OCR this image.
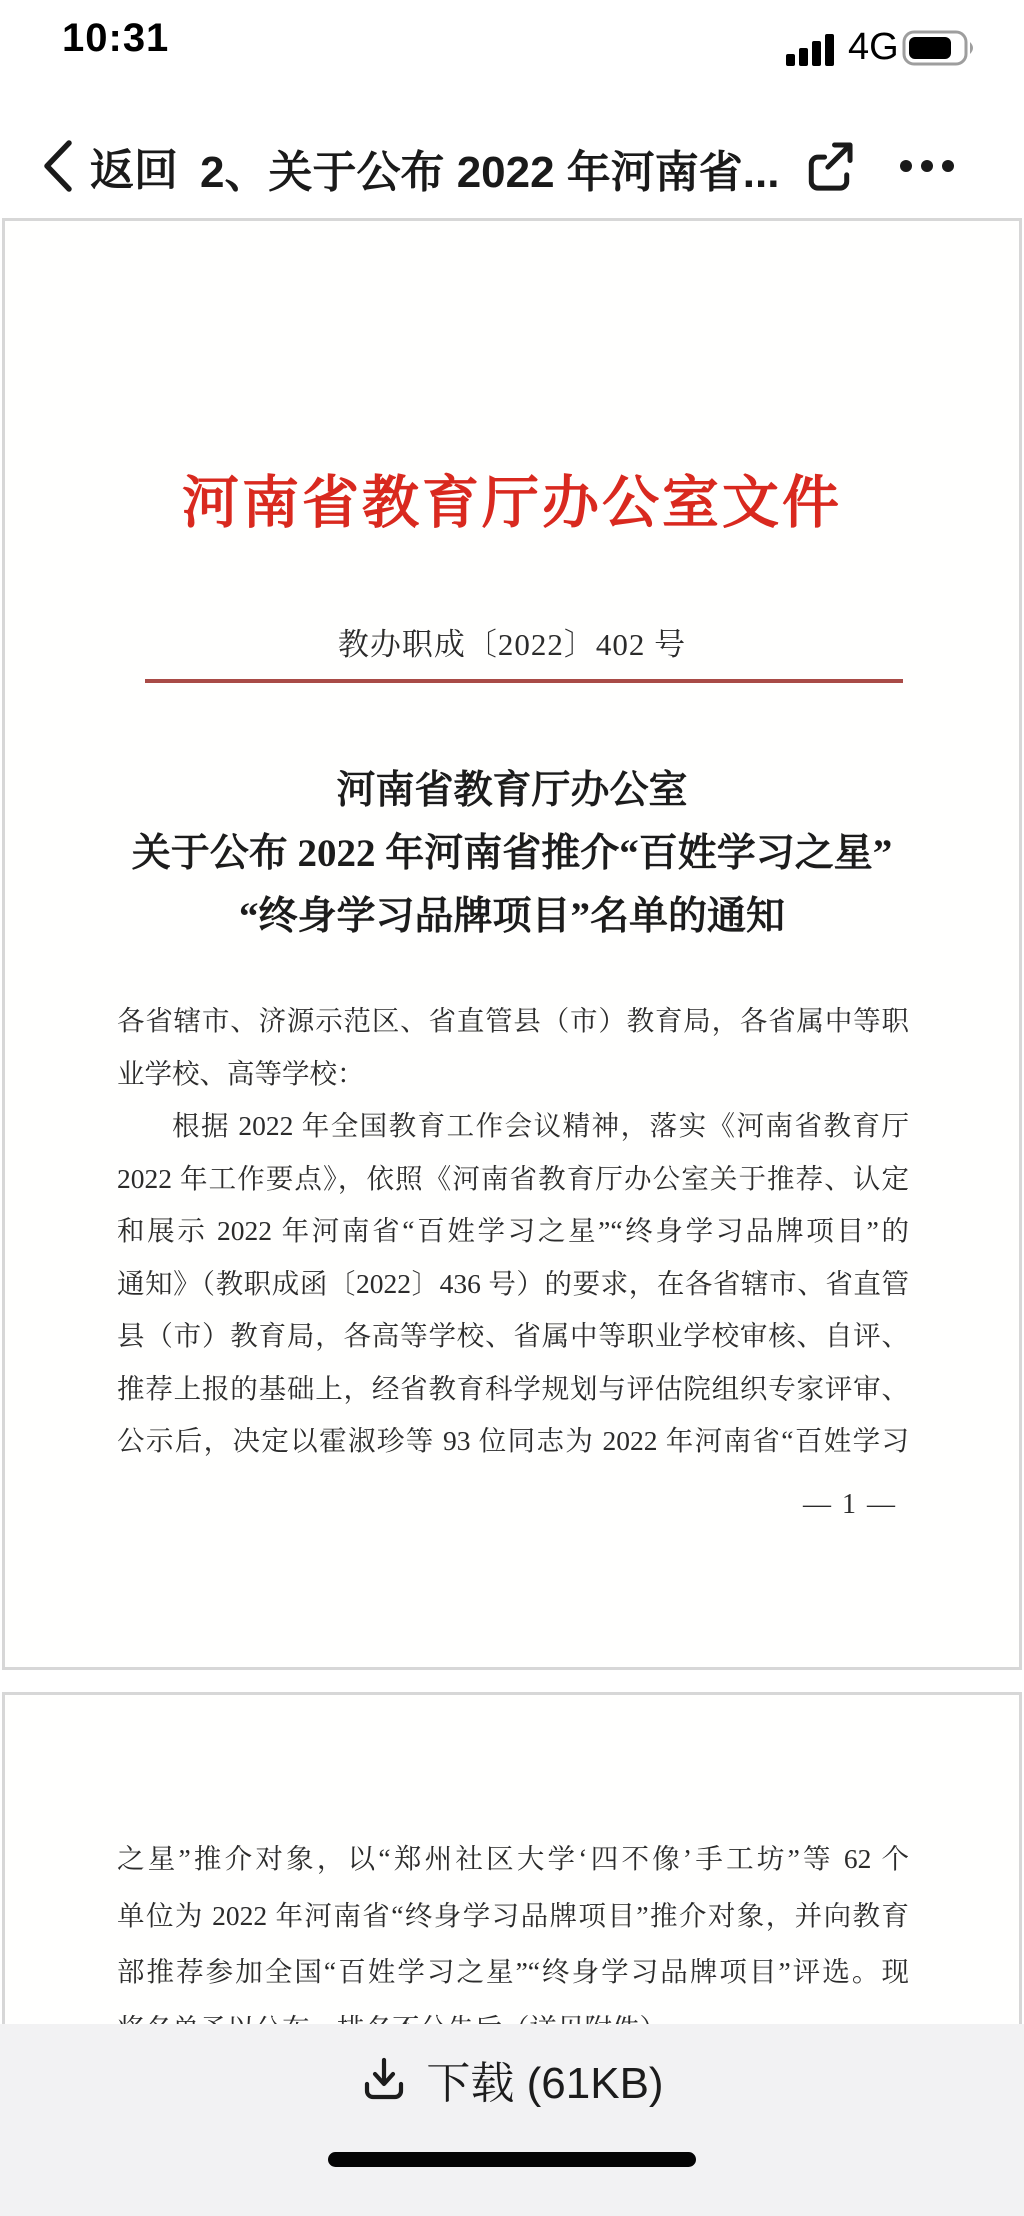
10:31	4G
返回 2、关于公布 2022 年河南省...
河南省教育厅办公室文件
教办职成〔2022〕402 号
河南省教育厅办公室
关于公布 2022 年河南省推介“百姓学习之星”
“终身学习品牌项目”名单的通知
各省辖市、济源示范区、省直管县（市）教育局，各省属中等职
业学校、高等学校：
根据 2022 年全国教育工作会议精神，落实《河南省教育厅
2022 年工作要点》，依照《河南省教育厅办公室关于推荐、认定
和展示 2022 年河南省“百姓学习之星”“终身学习品牌项目”的
通知》（教职成函〔2022〕436 号）的要求，在各省辖市、省直管
县（市）教育局，各高等学校、省属中等职业学校审核、自评、
推荐上报的基础上，经省教育科学规划与评估院组织专家评审、
公示后，决定以霍淑珍等 93 位同志为 2022 年河南省“百姓学习
— 1 —
之星”推介对象，以“郑州社区大学‘四不像’手工坊”等 62 个
单位为 2022 年河南省“终身学习品牌项目”推介对象，并向教育
部推荐参加全国“百姓学习之星”“终身学习品牌项目”评选。现
下载 (61KB)
